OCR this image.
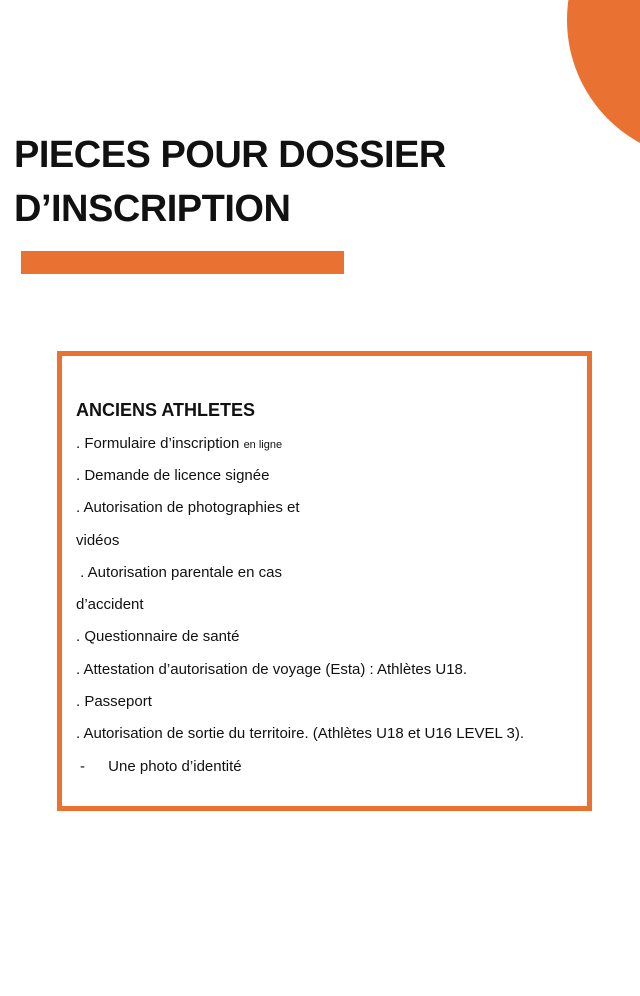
PIECES POUR DOSSIER
D’INSCRIPTION
ANCIENS ATHLETES
. Formulaire d’inscription en ligne
. Demande de licence signée
. Autorisation de photographies et
vidéos
. Autorisation parentale en cas
d’accident
. Questionnaire de santé
. Attestation d’autorisation de voyage (Esta) : Athlètes U18.
. Passeport
. Autorisation de sortie du territoire. (Athlètes U18 et U16 LEVEL 3).
- Une photo d’identité
